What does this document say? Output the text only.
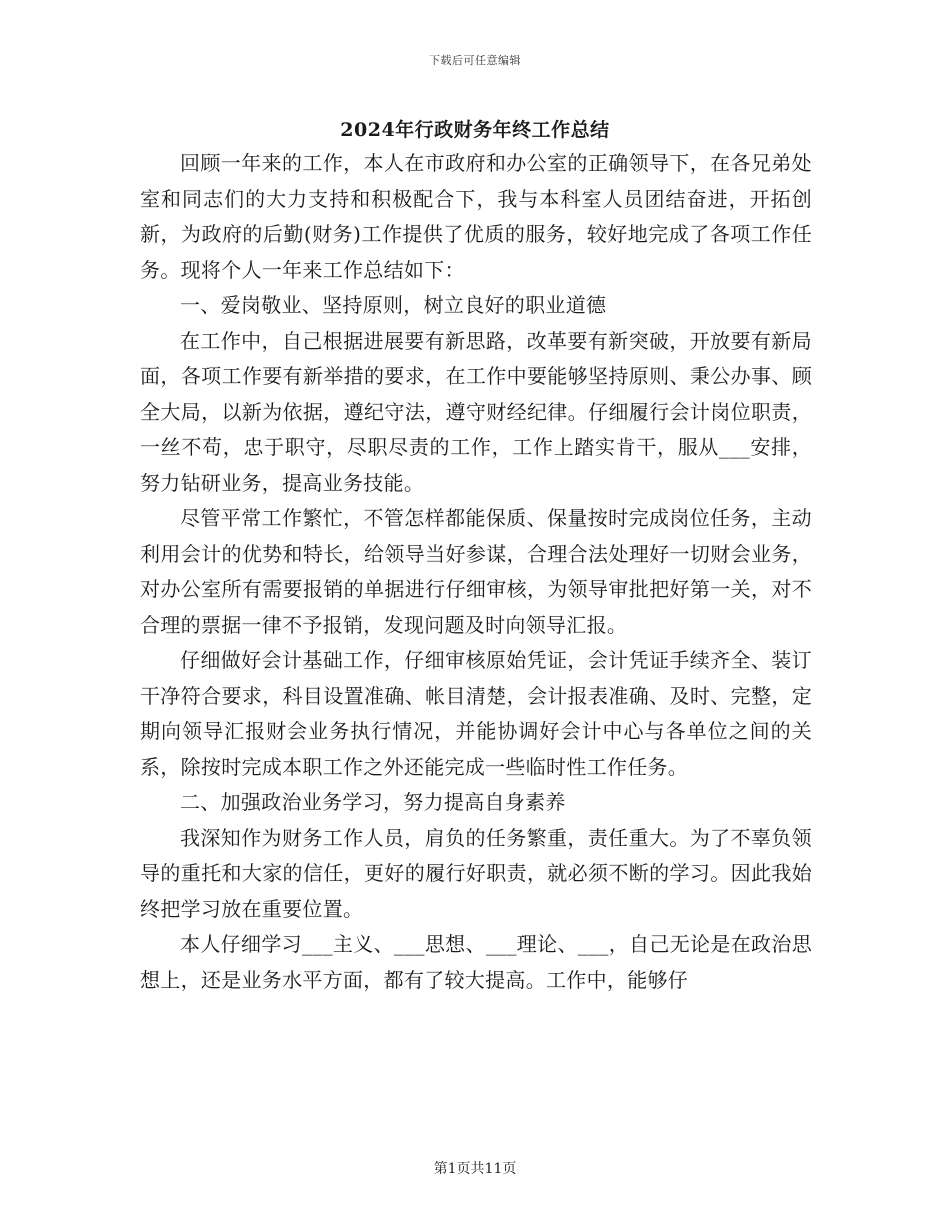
下载后可任意编辑
2024年行政财务年终工作总结

回顾一年来的工作，本人在市政府和办公室的正确领导下，在各兄弟处室和同志们的大力支持和积极配合下，我与本科室人员团结奋进，开拓创新，为政府的后勤(财务)工作提供了优质的服务，较好地完成了各项工作任务。现将个人一年来工作总结如下：

一、爱岗敬业、坚持原则，树立良好的职业道德

在工作中，自己根据进展要有新思路，改革要有新突破，开放要有新局面，各项工作要有新举措的要求，在工作中要能够坚持原则、秉公办事、顾全大局，以新为依据，遵纪守法，遵守财经纪律。仔细履行会计岗位职责，一丝不苟，忠于职守，尽职尽责的工作，工作上踏实肯干，服从___安排，努力钻研业务，提高业务技能。

尽管平常工作繁忙，不管怎样都能保质、保量按时完成岗位任务，主动利用会计的优势和特长，给领导当好参谋，合理合法处理好一切财会业务，对办公室所有需要报销的单据进行仔细审核，为领导审批把好第一关，对不合理的票据一律不予报销，发现问题及时向领导汇报。

仔细做好会计基础工作，仔细审核原始凭证，会计凭证手续齐全、装订干净符合要求，科目设置准确、帐目清楚，会计报表准确、及时、完整，定期向领导汇报财会业务执行情况，并能协调好会计中心与各单位之间的关系，除按时完成本职工作之外还能完成一些临时性工作任务。

二、加强政治业务学习，努力提高自身素养

我深知作为财务工作人员，肩负的任务繁重，责任重大。为了不辜负领导的重托和大家的信任，更好的履行好职责，就必须不断的学习。因此我始终把学习放在重要位置。

本人仔细学习___主义、___思想、___理论、___，自己无论是在政治思想上，还是业务水平方面，都有了较大提高。工作中，能够仔

第1页共11页
